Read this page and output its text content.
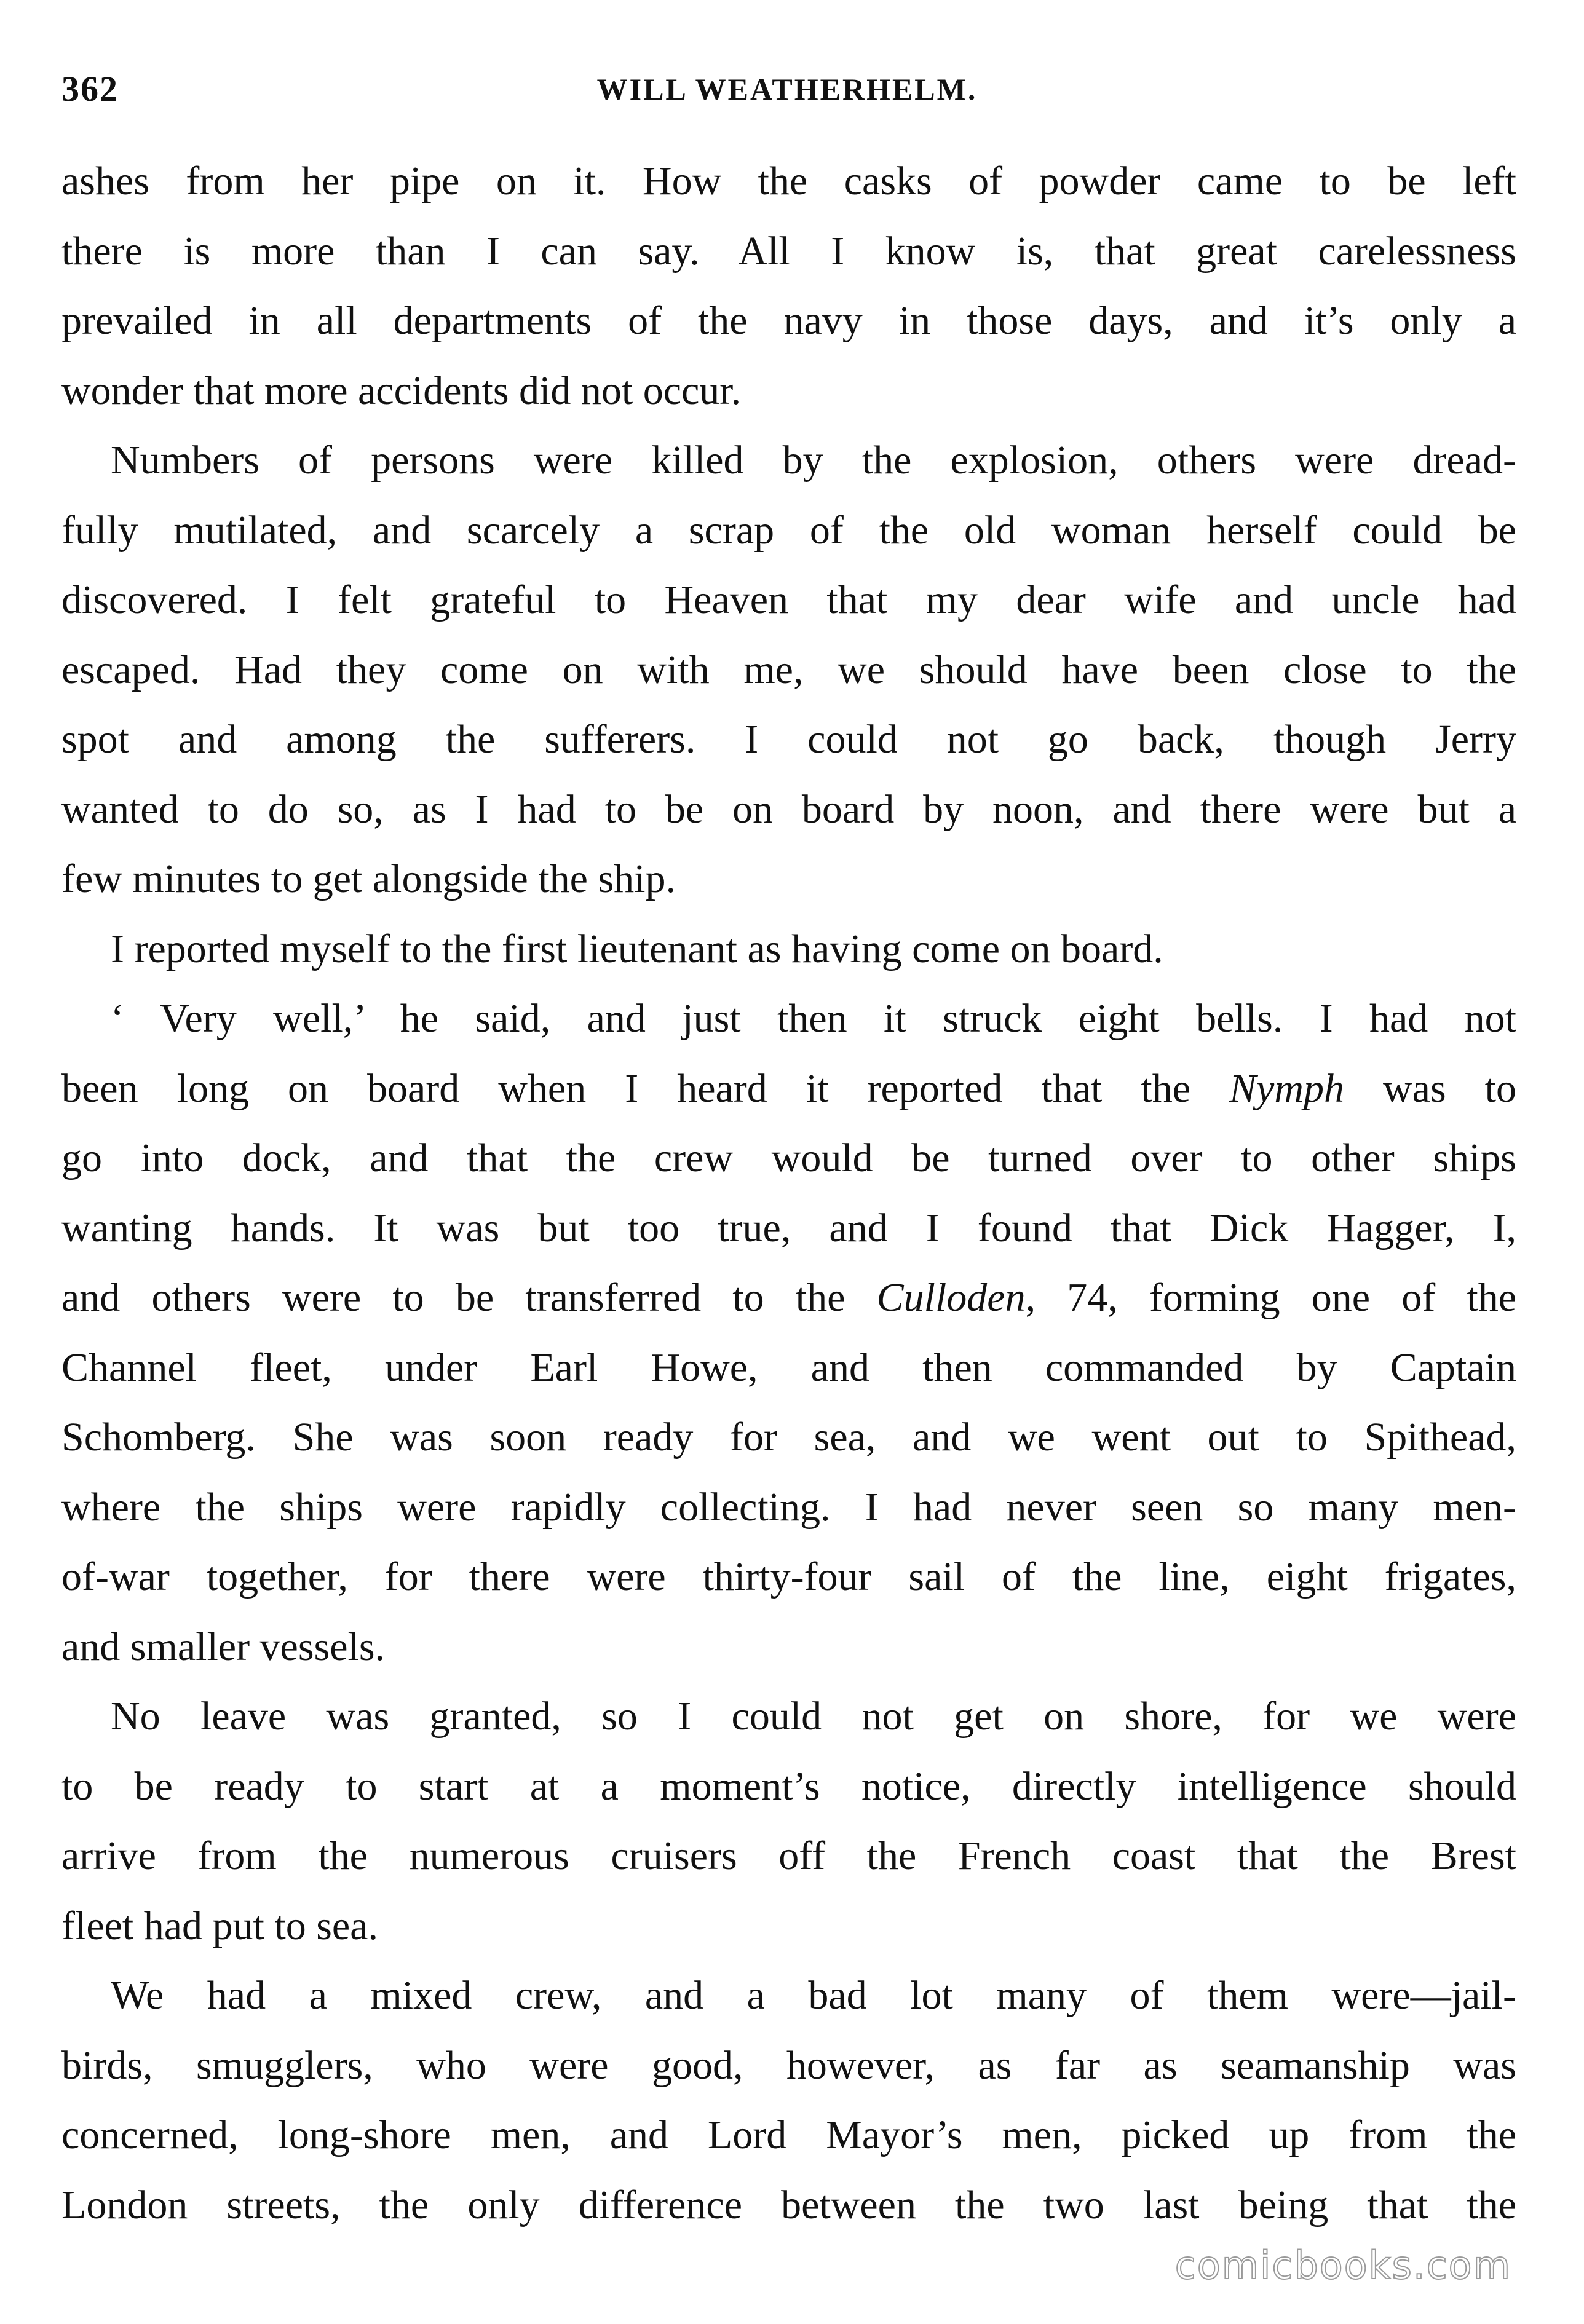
362	WILL WEATHERHELM.
ashes from her pipe on it. How the casks of powder came to be left
there is more than I can say. All I know is, that great carelessness
prevailed in all departments of the navy in those days, and it’s only a
wonder that more accidents did not occur.
Numbers of persons were killed by the explosion, others were dread-
fully mutilated, and scarcely a scrap of the old woman herself could be
discovered. I felt grateful to Heaven that my dear wife and uncle had
escaped. Had they come on with me, we should have been close to the
spot and among the sufferers. I could not go back, though Jerry
wanted to do so, as I had to be on board by noon, and there were but a
few minutes to get alongside the ship.
I reported myself to the first lieutenant as having come on board.
‘ Very well,’ he said, and just then it struck eight bells. I had not
been long on board when I heard it reported that the Nymph was to
go into dock, and that the crew would be turned over to other ships
wanting hands. It was but too true, and I found that Dick Hagger, I,
and others were to be transferred to the Culloden, 74, forming one of the
Channel fleet, under Earl Howe, and then commanded by Captain
Schomberg. She was soon ready for sea, and we went out to Spithead,
where the ships were rapidly collecting. I had never seen so many men-
of-war together, for there were thirty-four sail of the line, eight frigates,
and smaller vessels.
No leave was granted, so I could not get on shore, for we were
to be ready to start at a moment’s notice, directly intelligence should
arrive from the numerous cruisers off the French coast that the Brest
fleet had put to sea.
We had a mixed crew, and a bad lot many of them were—jail-
birds, smugglers, who were good, however, as far as seamanship was
concerned, long-shore men, and Lord Mayor’s men, picked up from the
London streets, the only difference between the two last being that the
comicbooks.com
